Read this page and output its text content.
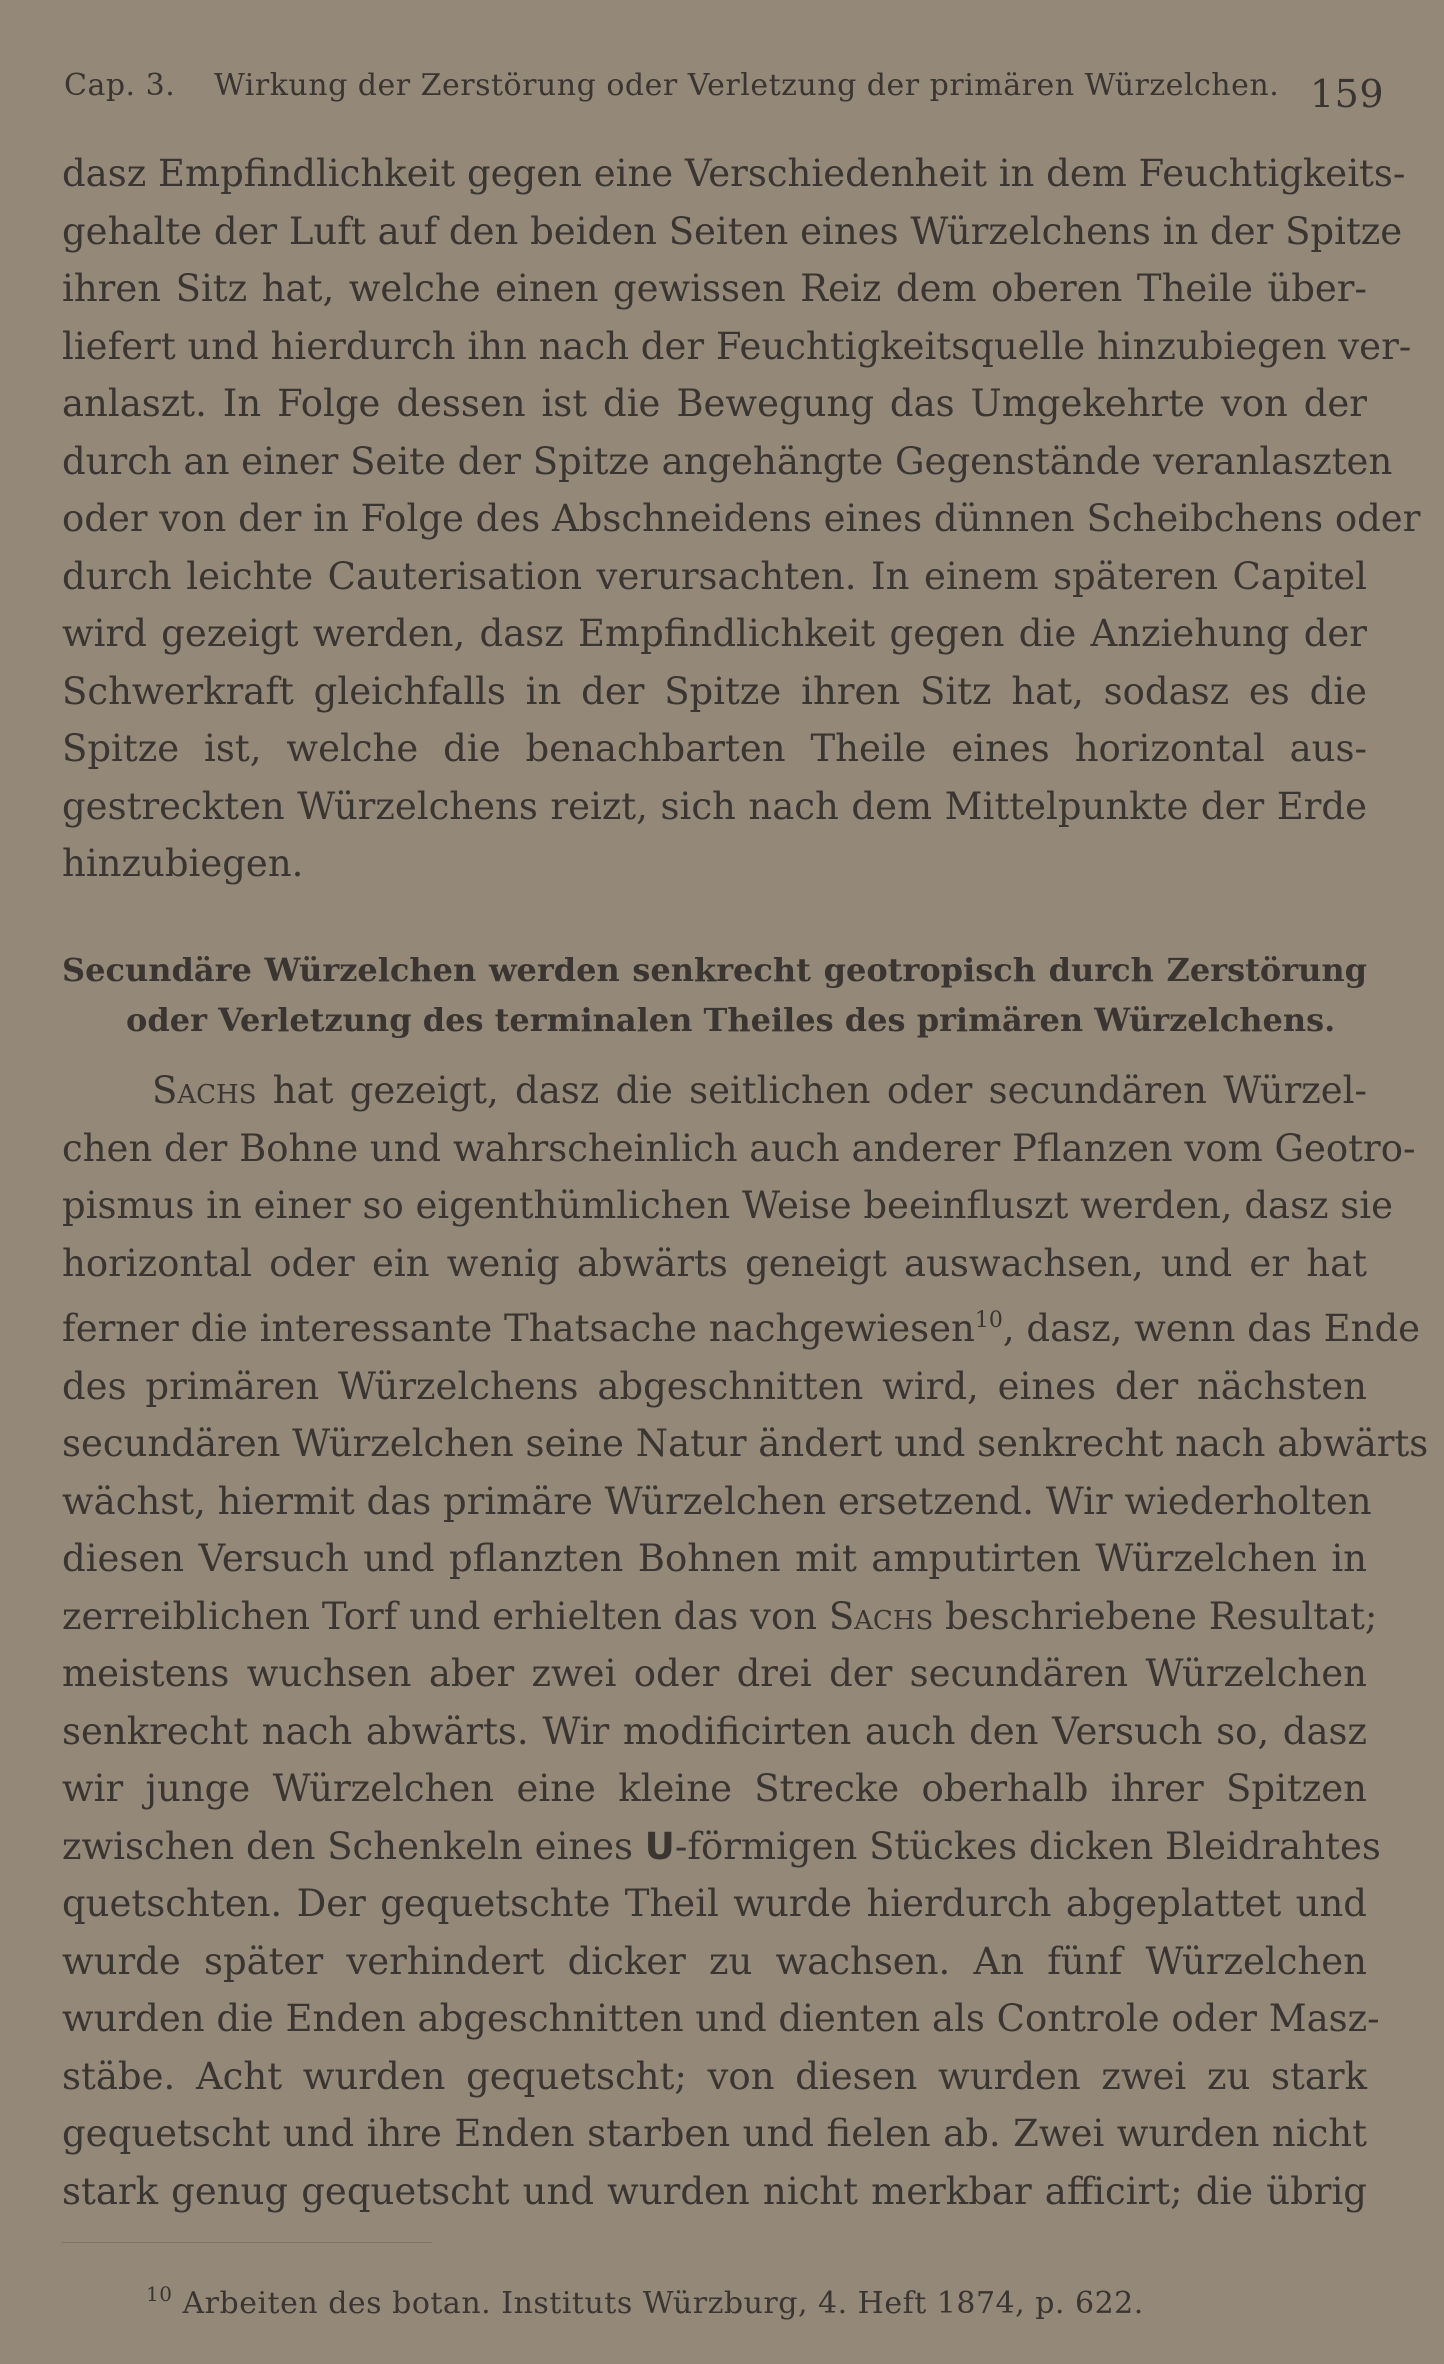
Cap. 3. Wirkung der Zerstörung oder Verletzung der primären Würzelchen. 159
dasz Empfindlichkeit gegen eine Verschiedenheit in dem Feuchtigkeits-
gehalte der Luft auf den beiden Seiten eines Würzelchens in der Spitze
ihren Sitz hat, welche einen gewissen Reiz dem oberen Theile über-
liefert und hierdurch ihn nach der Feuchtigkeitsquelle hinzubiegen ver-
anlaszt. In Folge dessen ist die Bewegung das Umgekehrte von der
durch an einer Seite der Spitze angehängte Gegenstände veranlaszten
oder von der in Folge des Abschneidens eines dünnen Scheibchens oder
durch leichte Cauterisation verursachten. In einem späteren Capitel
wird gezeigt werden, dasz Empfindlichkeit gegen die Anziehung der
Schwerkraft gleichfalls in der Spitze ihren Sitz hat, sodasz es die
Spitze ist, welche die benachbarten Theile eines horizontal aus-
gestreckten Würzelchens reizt, sich nach dem Mittelpunkte der Erde
hinzubiegen.
Secundäre Würzelchen werden senkrecht geotropisch durch Zerstörung
oder Verletzung des terminalen Theiles des primären Würzelchens.
Sachs hat gezeigt, dasz die seitlichen oder secundären Würzel-
chen der Bohne und wahrscheinlich auch anderer Pflanzen vom Geotro-
pismus in einer so eigenthümlichen Weise beeinfluszt werden, dasz sie
horizontal oder ein wenig abwärts geneigt auswachsen, und er hat
ferner die interessante Thatsache nachgewiesen$^{10}$, dasz, wenn das Ende
des primären Würzelchens abgeschnitten wird, eines der nächsten
secundären Würzelchen seine Natur ändert und senkrecht nach abwärts
wächst, hiermit das primäre Würzelchen ersetzend. Wir wiederholten
diesen Versuch und pflanzten Bohnen mit amputirten Würzelchen in
zerreiblichen Torf und erhielten das von Sachs beschriebene Resultat;
meistens wuchsen aber zwei oder drei der secundären Würzelchen
senkrecht nach abwärts. Wir modificirten auch den Versuch so, dasz
wir junge Würzelchen eine kleine Strecke oberhalb ihrer Spitzen
zwischen den Schenkeln eines U-förmigen Stückes dicken Bleidrahtes
quetschten. Der gequetschte Theil wurde hierdurch abgeplattet und
wurde später verhindert dicker zu wachsen. An fünf Würzelchen
wurden die Enden abgeschnitten und dienten als Controle oder Masz-
stäbe. Acht wurden gequetscht; von diesen wurden zwei zu stark
gequetscht und ihre Enden starben und fielen ab. Zwei wurden nicht
stark genug gequetscht und wurden nicht merkbar afficirt; die übrig
$^{10}$ Arbeiten des botan. Instituts Würzburg, 4. Heft 1874, p. 622.
